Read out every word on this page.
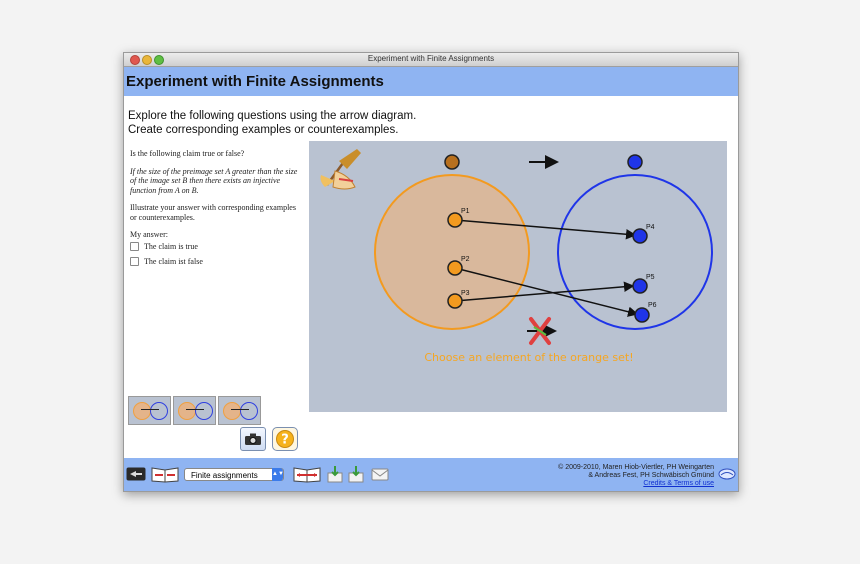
Experiment with Finite Assignments
Experiment with Finite Assignments
Explore the following questions using the arrow diagram.
Create corresponding examples or counterexamples.

Is the following claim true or false?

If the size of the preimage set A greater than the size of the image set B then there exists an injective function from A on B.

Illustrate your answer with corresponding examples or counterexamples.

My answer:

The claim is true
The claim ist false
P1
P2
P3
P4
P5
P6
Choose an element of the orange set!
?
Finite assignments ▲▼
© 2009-2010, Maren Hiob-Viertler, PH Weingarten
& Andreas Fest, PH Schwäbisch Gmünd
Credits & Terms of use
